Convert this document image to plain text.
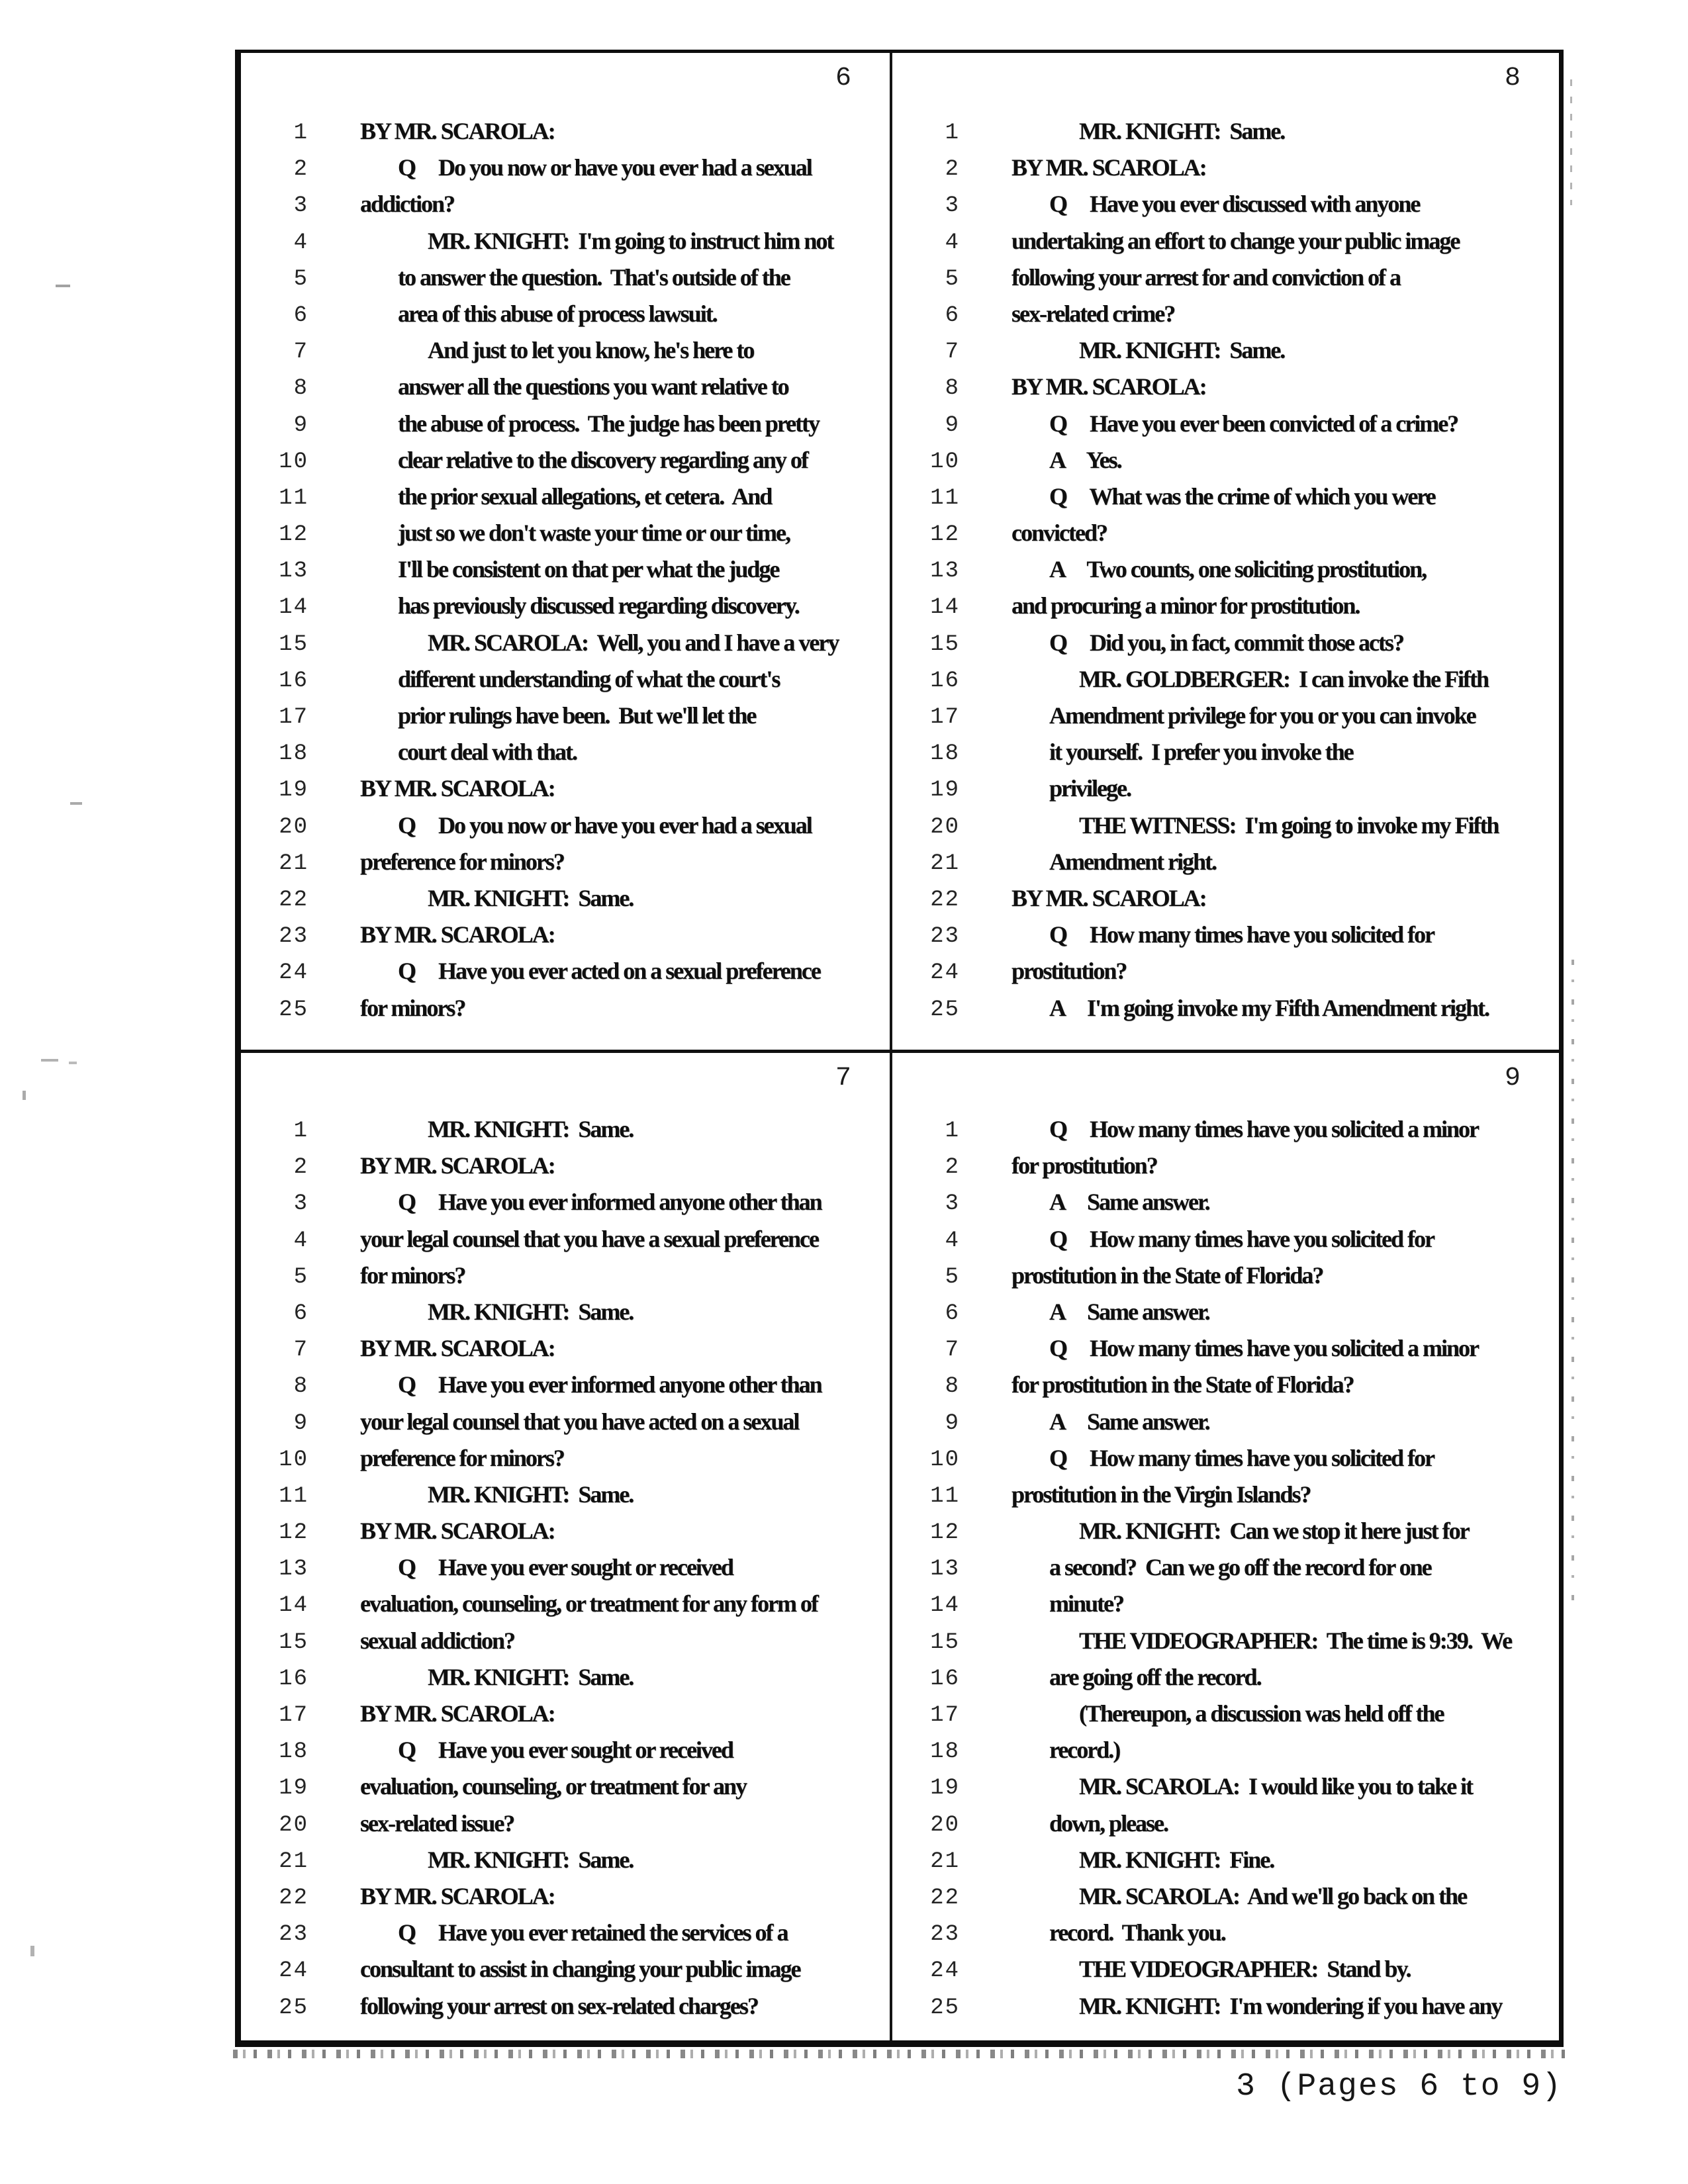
6
1 BY MR. SCAROLA:
2	Q     Do you now or have you ever had a sexual
3 addiction?
4	MR. KNIGHT:  I'm going to instruct him not
5	to answer the question.  That's outside of the
6	area of this abuse of process lawsuit.
7	And just to let you know, he's here to
8	answer all the questions you want relative to
9	the abuse of process.  The judge has been pretty
10	clear relative to the discovery regarding any of
11	the prior sexual allegations, et cetera.  And
12	just so we don't waste your time or our time,
13	I'll be consistent on that per what the judge
14	has previously discussed regarding discovery.
15	MR. SCAROLA:  Well, you and I have a very
16	different understanding of what the court's
17	prior rulings have been.  But we'll let the
18	court deal with that.
19 BY MR. SCAROLA:
20	Q     Do you now or have you ever had a sexual
21 preference for minors?
22	MR. KNIGHT:  Same.
23 BY MR. SCAROLA:
24	Q     Have you ever acted on a sexual preference
25 for minors?
8
1	MR. KNIGHT:  Same.
2 BY MR. SCAROLA:
3	Q     Have you ever discussed with anyone
4 undertaking an effort to change your public image
5 following your arrest for and conviction of a
6 sex-related crime?
7	MR. KNIGHT:  Same.
8 BY MR. SCAROLA:
9	Q     Have you ever been convicted of a crime?
10	A     Yes.
11	Q     What was the crime of which you were
12 convicted?
13	A     Two counts, one soliciting prostitution,
14 and procuring a minor for prostitution.
15	Q     Did you, in fact, commit those acts?
16	MR. GOLDBERGER:  I can invoke the Fifth
17	Amendment privilege for you or you can invoke
18	it yourself.  I prefer you invoke the
19	privilege.
20	THE WITNESS:  I'm going to invoke my Fifth
21	Amendment right.
22 BY MR. SCAROLA:
23	Q     How many times have you solicited for
24 prostitution?
25	A     I'm going invoke my Fifth Amendment right.
7
1	MR. KNIGHT:  Same.
2 BY MR. SCAROLA:
3	Q     Have you ever informed anyone other than
4 your legal counsel that you have a sexual preference
5 for minors?
6	MR. KNIGHT:  Same.
7 BY MR. SCAROLA:
8	Q     Have you ever informed anyone other than
9 your legal counsel that you have acted on a sexual
10 preference for minors?
11	MR. KNIGHT:  Same.
12 BY MR. SCAROLA:
13	Q     Have you ever sought or received
14 evaluation, counseling, or treatment for any form of
15 sexual addiction?
16	MR. KNIGHT:  Same.
17 BY MR. SCAROLA:
18	Q     Have you ever sought or received
19 evaluation, counseling, or treatment for any
20 sex-related issue?
21	MR. KNIGHT:  Same.
22 BY MR. SCAROLA:
23	Q     Have you ever retained the services of a
24 consultant to assist in changing your public image
25 following your arrest on sex-related charges?
9
1	Q     How many times have you solicited a minor
2 for prostitution?
3	A     Same answer.
4	Q     How many times have you solicited for
5 prostitution in the State of Florida?
6	A     Same answer.
7	Q     How many times have you solicited a minor
8 for prostitution in the State of Florida?
9	A     Same answer.
10	Q     How many times have you solicited for
11 prostitution in the Virgin Islands?
12	MR. KNIGHT:  Can we stop it here just for
13	a second?  Can we go off the record for one
14	minute?
15	THE VIDEOGRAPHER:  The time is 9:39.  We
16	are going off the record.
17	(Thereupon, a discussion was held off the
18	record.)
19	MR. SCAROLA:  I would like you to take it
20	down, please.
21	MR. KNIGHT:  Fine.
22	MR. SCAROLA:  And we'll go back on the
23	record.  Thank you.
24	THE VIDEOGRAPHER:  Stand by.
25	MR. KNIGHT:  I'm wondering if you have any
3 (Pages 6 to 9)
